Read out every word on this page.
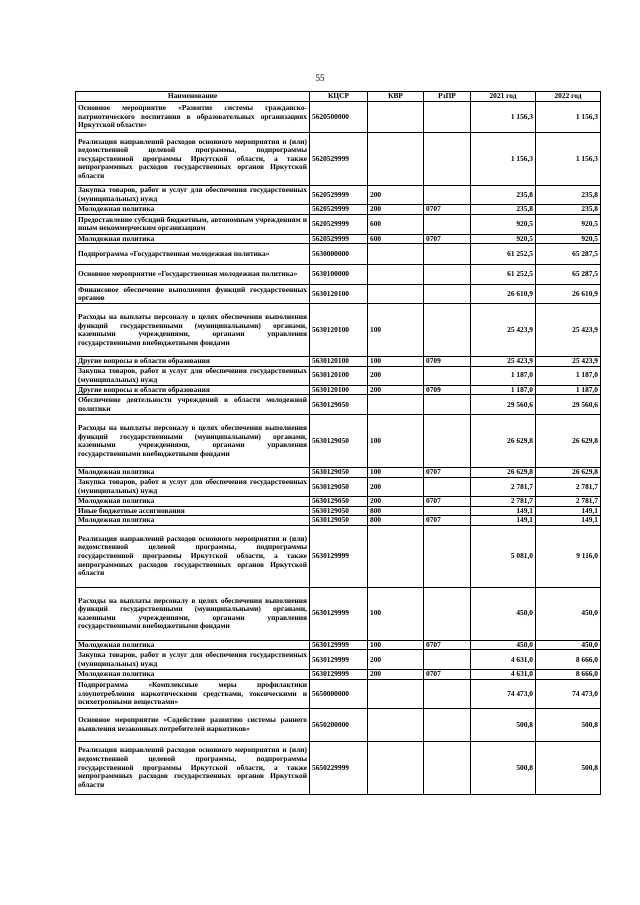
55
Наименование	КЦСР	КВР	РзПР	2021 год	2022 год
Основное мероприятие «Развитие системы гражданско-патриотического воспитания в образовательных организациях Иркутской области»	5620500000			1 156,3	1 156,3
Реализация направлений расходов основного мероприятия и (или) ведомственной целевой программы, подпрограммы государственной программы Иркутской области, а также непрограммных расходов государственных органов Иркутской области	5620529999			1 156,3	1 156,3
Закупка товаров, работ и услуг для обеспечения государственных (муниципальных) нужд	5620529999	200		235,8	235,8
Молодежная политика	5620529999	200	0707	235,8	235,8
Предоставление субсидий бюджетным, автономным учреждениям и иным некоммерческим организациям	5620529999	600		920,5	920,5
Молодежная политика	5620529999	600	0707	920,5	920,5
Подпрограмма «Государственная молодежная политика»	5630000000			61 252,5	65 287,5
Основное мероприятие «Государственная молодежная политика»	5630100000			61 252,5	65 287,5
Финансовое обеспечение выполнения функций государственных органов	5630120100			26 610,9	26 610,9
Расходы на выплаты персоналу в целях обеспечения выполнения функций государственными (муниципальными) органами, казенными учреждениями, органами управления государственными внебюджетными фондами	5630120100	100		25 423,9	25 423,9
Другие вопросы в области образования	5630120100	100	0709	25 423,9	25 423,9
Закупка товаров, работ и услуг для обеспечения государственных (муниципальных) нужд	5630120100	200		1 187,0	1 187,0
Другие вопросы в области образования	5630120100	200	0709	1 187,0	1 187,0
Обеспечение деятельности учреждений в области молодежной политики	5630129050			29 560,6	29 560,6
Расходы на выплаты персоналу в целях обеспечения выполнения функций государственными (муниципальными) органами, казенными учреждениями, органами управления государственными внебюджетными фондами	5630129050	100		26 629,8	26 629,8
Молодежная политика	5630129050	100	0707	26 629,8	26 629,8
Закупка товаров, работ и услуг для обеспечения государственных (муниципальных) нужд	5630129050	200		2 781,7	2 781,7
Молодежная политика	5630129050	200	0707	2 781,7	2 781,7
Иные бюджетные ассигнования	5630129050	800		149,1	149,1
Молодежная политика	5630129050	800	0707	149,1	149,1
Реализация направлений расходов основного мероприятия и (или) ведомственной целевой программы, подпрограммы государственной программы Иркутской области, а также непрограммных расходов государственных органов Иркутской области	5630129999			5 081,0	9 116,0
Расходы на выплаты персоналу в целях обеспечения выполнения функций государственными (муниципальными) органами, казенными учреждениями, органами управления государственными внебюджетными фондами	5630129999	100		450,0	450,0
Молодежная политика	5630129999	100	0707	450,0	450,0
Закупка товаров, работ и услуг для обеспечения государственных (муниципальных) нужд	5630129999	200		4 631,0	8 666,0
Молодежная политика	5630129999	200	0707	4 631,0	8 666,0
Подпрограмма «Комплексные меры профилактики злоупотребления наркотическими средствами, токсическими и психотропными веществами»	5650000000			74 473,0	74 473,0
Основное мероприятие «Содействие развитию системы раннего выявления незаконных потребителей наркотиков»	5650200000			500,8	500,8
Реализация направлений расходов основного мероприятия и (или) ведомственной целевой программы, подпрограммы государственной программы Иркутской области, а также непрограммных расходов государственных органов Иркутской области	5650229999			500,8	500,8
